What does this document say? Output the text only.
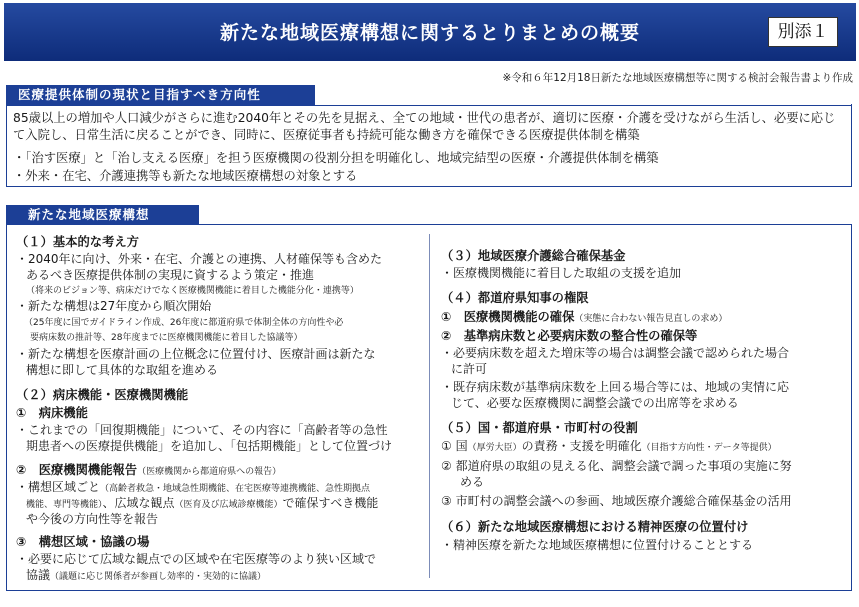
新たな地域医療構想に関するとりまとめの概要	別添１
※令和６年12月18日新たな地域医療構想等に関する検討会報告書より作成
医療提供体制の現状と目指すべき方向性
85歳以上の増加や人口減少がさらに進む2040年とその先を見据え、全ての地域・世代の患者が、適切に医療・介護を受けながら生活し、必要に応じて入院し、日常生活に戻ることができ、同時に、医療従事者も持続可能な働き方を確保できる医療提供体制を構築
・「治す医療」と「治し支える医療」を担う医療機関の役割分担を明確化し、地域完結型の医療・介護提供体制を構築
・外来・在宅、介護連携等も新たな地域医療構想の対象とする
新たな地域医療構想
（１）基本的な考え方
・2040年に向け、外来・在宅、介護との連携、人材確保等も含めた
あるべき医療提供体制の実現に資するよう策定・推進
（将来のビジョン等、病床だけでなく医療機関機能に着目した機能分化・連携等）
・新たな構想は27年度から順次開始
（25年度に国でガイドライン作成、26年度に都道府県で体制全体の方向性や必
要病床数の推計等、28年度までに医療機関機能に着目した協議等）
・新たな構想を医療計画の上位概念に位置付け、医療計画は新たな
構想に即して具体的な取組を進める
（２）病床機能・医療機関機能
①　病床機能
・これまでの「回復期機能」について、その内容に「高齢者等の急性
期患者への医療提供機能」を追加し、「包括期機能」として位置づけ
②　医療機関機能報告（医療機関から都道府県への報告）
・構想区域ごと（高齢者救急・地域急性期機能、在宅医療等連携機能、急性期拠点
機能、専門等機能）、広域な観点（医育及び広域診療機能）で確保すべき機能
や今後の方向性等を報告
③　構想区域・協議の場
・必要に応じて広域な観点での区域や在宅医療等のより狭い区域で
協議（議題に応じ関係者が参画し効率的・実効的に協議）
（３）地域医療介護総合確保基金
・医療機関機能に着目した取組の支援を追加
（４）都道府県知事の権限
①　医療機関機能の確保（実態に合わない報告見直しの求め）
②　基準病床数と必要病床数の整合性の確保等
・必要病床数を超えた増床等の場合は調整会議で認められた場合
に許可
・既存病床数が基準病床数を上回る場合等には、地域の実情に応
じて、必要な医療機関に調整会議での出席等を求める
（５）国・都道府県・市町村の役割
① 国（厚労大臣）の責務・支援を明確化（目指す方向性・データ等提供）
② 都道府県の取組の見える化、調整会議で調った事項の実施に努
める
③ 市町村の調整会議への参画、地域医療介護総合確保基金の活用
（６）新たな地域医療構想における精神医療の位置付け
・精神医療を新たな地域医療構想に位置付けることとする
